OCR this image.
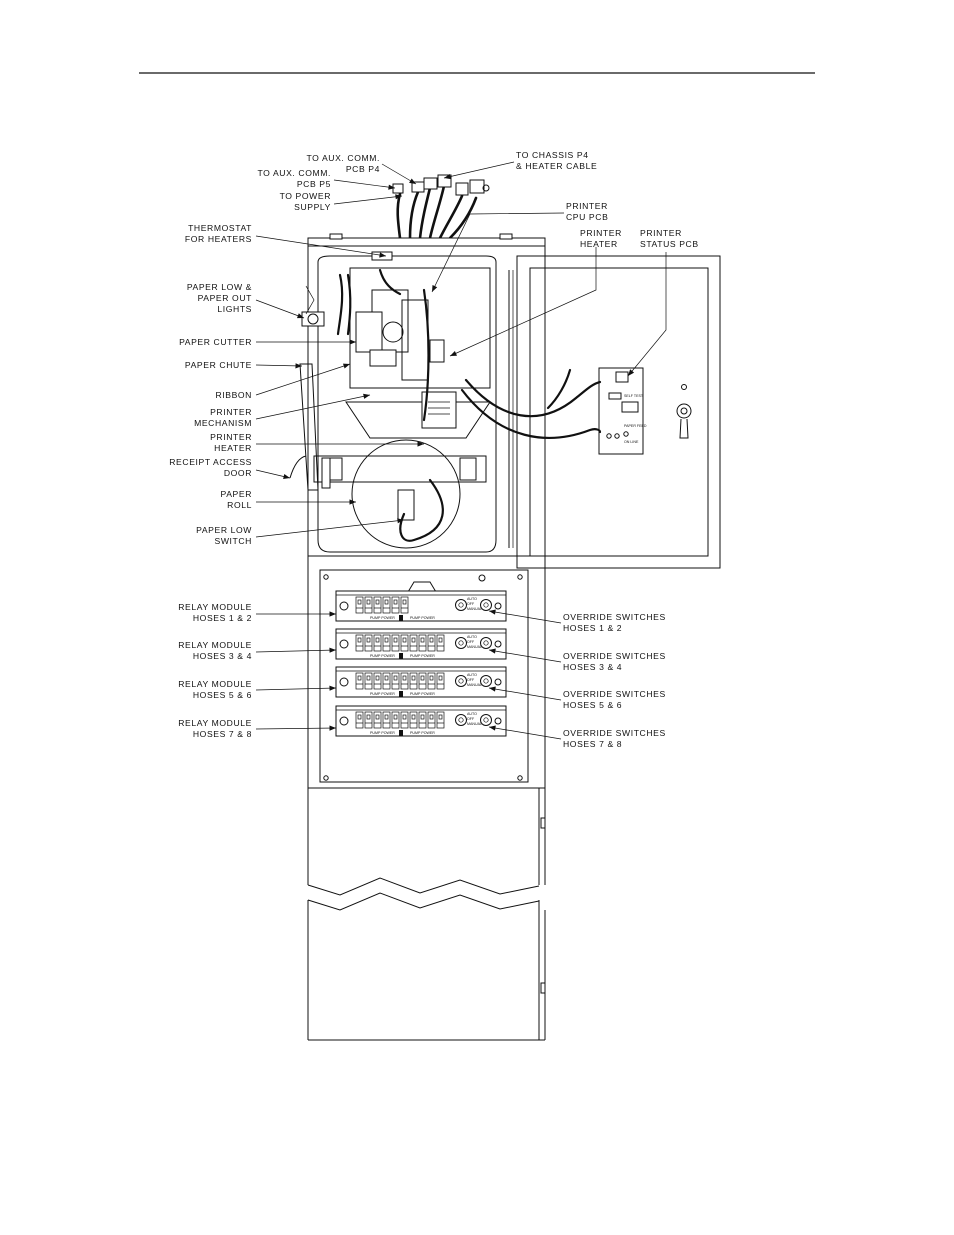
SELF TEST
PAPER FEED
ON LINE
PUMP POWER	PUMP POWER
AUTO
OFF
MANUAL
PUMP POWER	PUMP POWER
AUTO
OFF
MANUAL
PUMP POWER	PUMP POWER
AUTO
OFF
MANUAL
PUMP POWER	PUMP POWER
AUTO
OFF
MANUAL
TO AUX. COMM. PCB P4
TO AUX. COMM. PCB P5
TO POWER SUPPLY
TO CHASSIS P4 & HEATER CABLE
PRINTER CPU PCB
PRINTER HEATER
PRINTER STATUS PCB
THERMOSTAT FOR HEATERS
PAPER LOW & PAPER OUT LIGHTS
PAPER CUTTER
PAPER CHUTE
RIBBON
PRINTER MECHANISM
PRINTER HEATER
RECEIPT ACCESS DOOR
PAPER ROLL
PAPER LOW SWITCH
RELAY MODULE HOSES 1 & 2
RELAY MODULE HOSES 3 & 4
RELAY MODULE HOSES 5 & 6
RELAY MODULE HOSES 7 & 8
OVERRIDE SWITCHES HOSES 1 & 2
OVERRIDE SWITCHES HOSES 3 & 4
OVERRIDE SWITCHES HOSES 5 & 6
OVERRIDE SWITCHES HOSES 7 & 8
